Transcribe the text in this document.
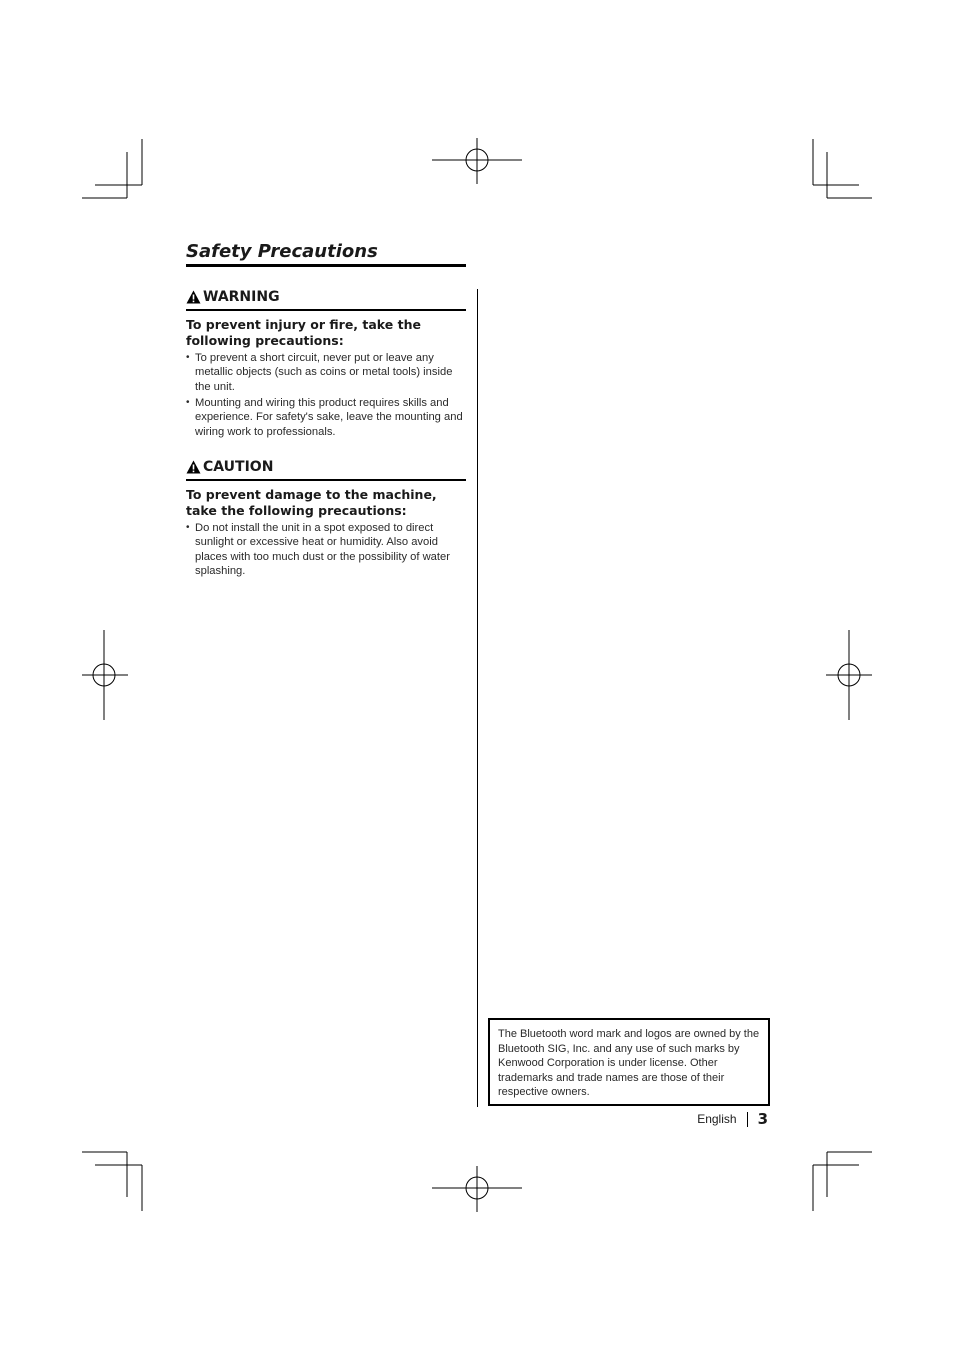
Safety Precautions
WARNING

To prevent injury or fire, take the following precautions:

• To prevent a short circuit, never put or leave any metallic objects (such as coins or metal tools) inside the unit.
• Mounting and wiring this product requires skills and experience. For safety's sake, leave the mounting and wiring work to professionals.
CAUTION

To prevent damage to the machine, take the following precautions:

• Do not install the unit in a spot exposed to direct sunlight or excessive heat or humidity. Also avoid places with too much dust or the possibility of water splashing.
The Bluetooth word mark and logos are owned by the Bluetooth SIG, Inc. and any use of such marks by Kenwood Corporation is under license. Other trademarks and trade names are those of their respective owners.
English 3
